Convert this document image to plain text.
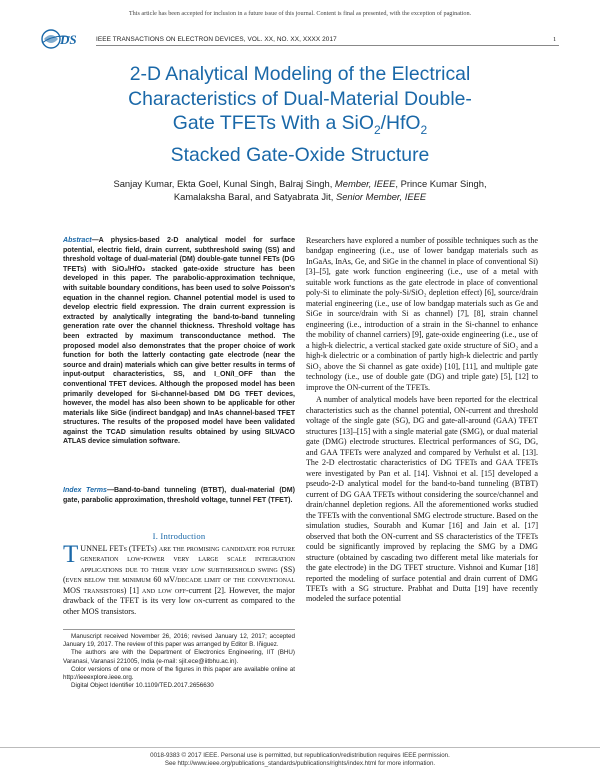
This article has been accepted for inclusion in a future issue of this journal. Content is final as presented, with the exception of pagination.
DS	IEEE TRANSACTIONS ON ELECTRON DEVICES, VOL. XX, NO. XX, XXXX 2017	1
2-D Analytical Modeling of the Electrical
Characteristics of Dual-Material Double-
Gate TFETs With a SiO$_2$/HfO$_2$
Stacked Gate-Oxide Structure
Sanjay Kumar, Ekta Goel, Kunal Singh, Balraj Singh, Member, IEEE, Prince Kumar Singh,
Kamalaksha Baral, and Satyabrata Jit, Senior Member, IEEE
Abstract—A physics-based 2-D analytical model for surface potential, electric field, drain current, subthreshold swing (SS) and threshold voltage of dual-material (DM) double-gate tunnel FETs (DG TFETs) with SiO₂/HfO₂ stacked gate-oxide structure has been developed in this paper. The parabolic-approximation technique, with suitable boundary conditions, has been used to solve Poisson's equation in the channel region. Channel potential model is used to develop electric field expression. The drain current expression is extracted by analytically integrating the band-to-band tunneling generation rate over the channel thickness. Threshold voltage has been extracted by maximum transconductance method. The proposed model also demonstrates that the proper choice of work function for both the latterly contacting gate electrode (near the source and drain) materials which can give better results in terms of input-output characteristics, SS, and I_ON/I_OFF than the conventional TFET devices. Although the proposed model has been primarily developed for Si-channel-based DM DG TFET devices, however, the model has also been shown to be applicable for other materials like SiGe (indirect bandgap) and InAs channel-based TFET structures. The results of the proposed model have been validated against the TCAD simulation results obtained by using SILVACO ATLAS device simulation software.
Index Terms—Band-to-band tunneling (BTBT), dual-material (DM) gate, parabolic approximation, threshold voltage, tunnel FET (TFET).
I. Introduction
TUNNEL FETs (TFETs) are the promising candidate for future generation low-power very large scale integration applications due to their very low subthreshold swing (SS) (even below the minimum 60 mV/decade limit of the conventional MOS transistors) [1] and low off-current [2]. However, the major drawback of the TFET is its very low on-current as compared to the other MOS transistors.

Manuscript received November 26, 2016; revised January 12, 2017; accepted January 19, 2017. The review of this paper was arranged by Editor B. Iñiguez.

The authors are with the Department of Electronics Engineering, IIT (BHU) Varanasi, Varanasi 221005, India (e-mail: sjit.ece@iitbhu.ac.in).

Color versions of one or more of the figures in this paper are available online at http://ieeexplore.ieee.org.

Digital Object Identifier 10.1109/TED.2017.2656630

Researchers have explored a number of possible techniques such as the bandgap engineering (i.e., use of lower bandgap materials such as InGaAs, InAs, Ge, and SiGe in the channel in place of conventional Si) [3]–[5], gate work function engineering (i.e., use of a metal with suitable work functions as the gate electrode in place of conventional poly-Si to eliminate the poly-Si/SiO₂ depletion effect) [6], source/drain material engineering (i.e., use of low bandgap materials such as Ge and SiGe in source/drain with Si as channel) [7], [8], strain channel engineering (i.e., introduction of a strain in the Si-channel to enhance the mobility of channel carriers) [9], gate-oxide engineering (i.e., use of a high-k dielectric, a vertical stacked gate oxide structure of SiO₂ and a high-k dielectric or a combination of partly high-k dielectric and partly SiO₂ above the Si channel as gate oxide) [10], [11], and multiple gate technology (i.e., use of double gate (DG) and triple gate) [5], [12] to improve the ON-current of the TFETs.

A number of analytical models have been reported for the electrical characteristics such as the channel potential, ON-current and threshold voltage of the single gate (SG), DG and gate-all-around (GAA) TFET structures [13]–[15] with a single material gate (SMG), or dual material gate (DMG) electrode structures. Electrical performances of SG, DG, and GAA TFETs were analyzed and compared by Verhulst et al. [13]. The 2-D electrostatic characteristics of DG TFETs and GAA TFETs were investigated by Pan et al. [14]. Vishnoi et al. [15] developed a pseudo-2-D analytical model for the band-to-band tunneling (BTBT) current of DG GAA TFETs without considering the source/channel and drain/channel depletion regions. All the aforementioned works studied the TFETs with the conventional SMG electrode structure. Based on the simulation studies, Sourabh and Kumar [16] and Jain et al. [17] observed that both the ON-current and SS characteristics of the TFETs could be significantly improved by replacing the SMG by a DMG structure (obtained by cascading two different metal like materials for the gate electrode) in the DG TFET structure. Vishnoi and Kumar [18] reported the modeling of surface potential and drain current of DMG TFETs with a SG structure. Prabhat and Dutta [19] have recently modeled the surface potential

0018-9383 © 2017 IEEE. Personal use is permitted, but republication/redistribution requires IEEE permission.
See http://www.ieee.org/publications_standards/publications/rights/index.html for more information.
